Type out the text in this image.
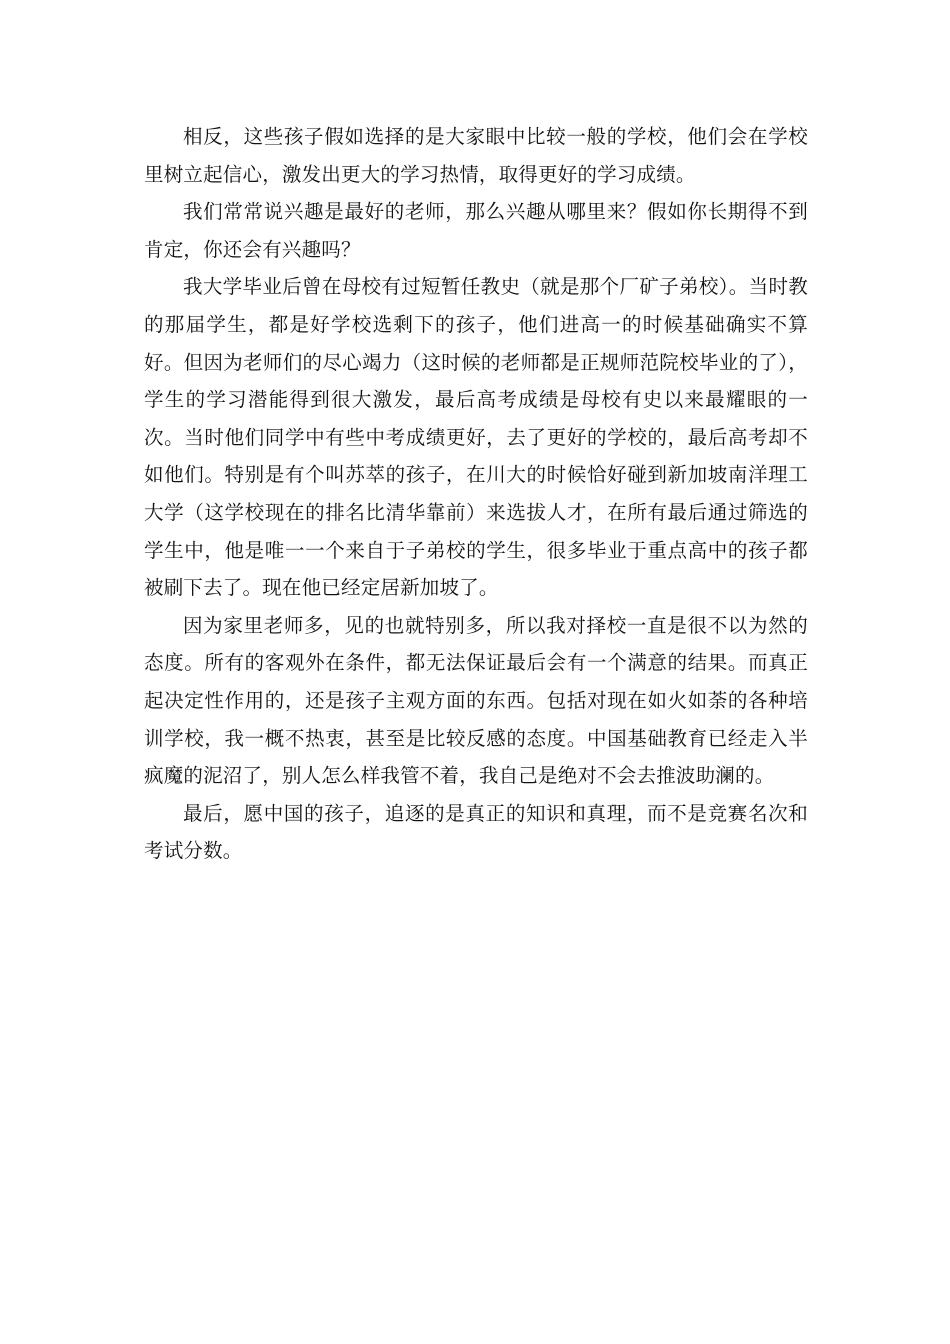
相反，这些孩子假如选择的是大家眼中比较一般的学校，他们会在学校里树立起信心，激发出更大的学习热情，取得更好的学习成绩。

我们常常说兴趣是最好的老师，那么兴趣从哪里来？假如你长期得不到肯定，你还会有兴趣吗？

我大学毕业后曾在母校有过短暂任教史（就是那个厂矿子弟校）。当时教的那届学生，都是好学校选剩下的孩子，他们进高一的时候基础确实不算好。但因为老师们的尽心竭力（这时候的老师都是正规师范院校毕业的了），学生的学习潜能得到很大激发，最后高考成绩是母校有史以来最耀眼的一次。当时他们同学中有些中考成绩更好，去了更好的学校的，最后高考却不如他们。特别是有个叫苏萃的孩子，在川大的时候恰好碰到新加坡南洋理工大学（这学校现在的排名比清华靠前）来选拔人才，在所有最后通过筛选的学生中，他是唯一一个来自于子弟校的学生，很多毕业于重点高中的孩子都被刷下去了。现在他已经定居新加坡了。

因为家里老师多，见的也就特别多，所以我对择校一直是很不以为然的态度。所有的客观外在条件，都无法保证最后会有一个满意的结果。而真正起决定性作用的，还是孩子主观方面的东西。包括对现在如火如荼的各种培训学校，我一概不热衷，甚至是比较反感的态度。中国基础教育已经走入半疯魔的泥沼了，别人怎么样我管不着，我自己是绝对不会去推波助澜的。

最后，愿中国的孩子，追逐的是真正的知识和真理，而不是竞赛名次和考试分数。
